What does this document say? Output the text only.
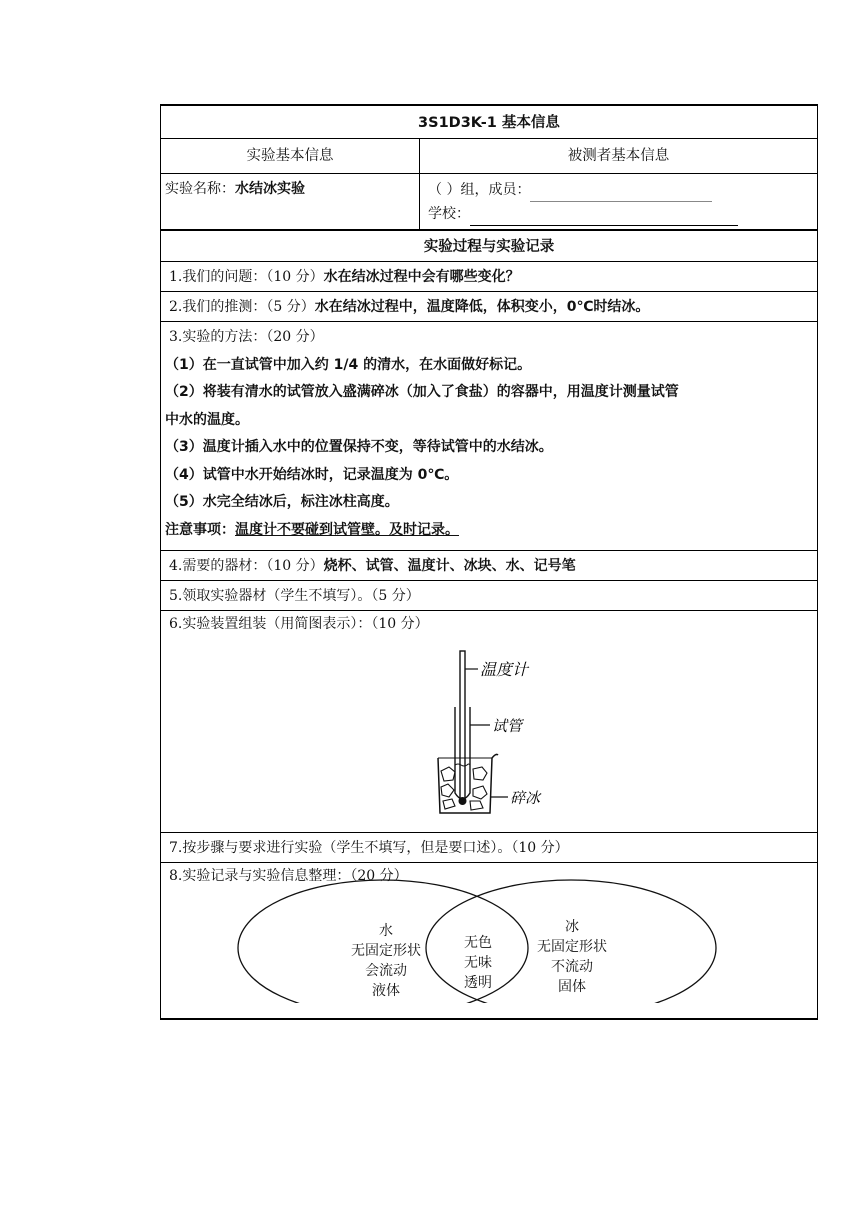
3S1D3K-1 基本信息
实验基本信息	被测者基本信息
实验名称：水结冰实验	（ ）组，成员：
学校：
实验过程与实验记录
1.我们的问题：（10 分）水在结冰过程中会有哪些变化？
2.我们的推测：（5 分）水在结冰过程中，温度降低，体积变小，0℃时结冰。
3.实验的方法：（20 分）
（1）在一直试管中加入约 1/4 的清水，在水面做好标记。
（2）将装有清水的试管放入盛满碎冰（加入了食盐）的容器中，用温度计测量试管
中水的温度。
（3）温度计插入水中的位置保持不变，等待试管中的水结冰。
（4）试管中水开始结冰时，记录温度为 0℃。
（5）水完全结冰后，标注冰柱高度。
注意事项：温度计不要碰到试管壁。及时记录。
4.需要的器材：（10 分）烧杯、试管、温度计、冰块、水、记号笔
5.领取实验器材（学生不填写）。（5 分）
6.实验装置组装（用简图表示）：（10 分）
温度计
试管
碎冰
7.按步骤与要求进行实验（学生不填写，但是要口述）。（10 分）
8.实验记录与实验信息整理：（20 分）
水
无固定形状
会流动
液体
无色
无味
透明
冰
无固定形状
不流动
固体
